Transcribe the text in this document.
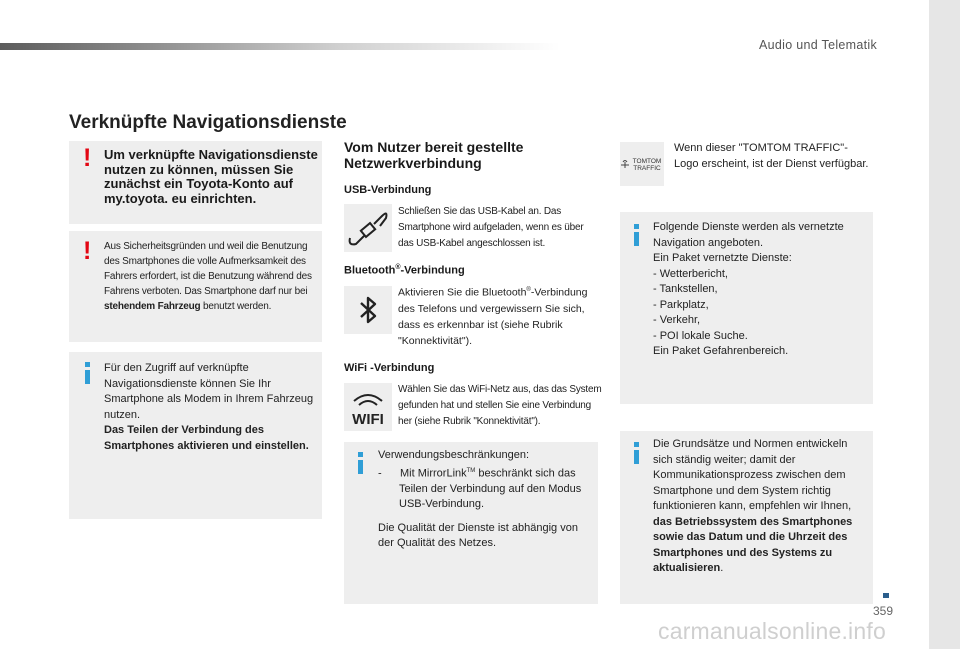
Audio und Telematik
359
carmanualsonline.info
Verknüpfte Navigationsdienste
! Um verknüpfte Navigationsdienste nutzen zu können, müssen Sie zunächst ein Toyota-Konto auf my.toyota. eu einrichten.
! Aus Sicherheitsgründen und weil die Benutzung des Smartphones die volle Aufmerksamkeit des Fahrers erfordert, ist die Benutzung während des Fahrens verboten. Das Smartphone darf nur bei stehendem Fahrzeug benutzt werden.
Für den Zugriff auf verknüpfte Navigationsdienste können Sie Ihr Smartphone als Modem in Ihrem Fahrzeug nutzen.
Das Teilen der Verbindung des Smartphones aktivieren und einstellen.
Vom Nutzer bereit gestellte Netzwerkverbindung
USB-Verbindung
Schließen Sie das USB-Kabel an. Das Smartphone wird aufgeladen, wenn es über das USB-Kabel angeschlossen ist.
Bluetooth®-Verbindung
Aktivieren Sie die Bluetooth®-Verbindung des Telefons und vergewissern Sie sich, dass es erkennbar ist (siehe Rubrik "Konnektivität").
WiFi -Verbindung
WIFI
Wählen Sie das WiFi-Netz aus, das das System gefunden hat und stellen Sie eine Verbindung her (siehe Rubrik "Konnektivität").
Verwendungsbeschränkungen:
- Mit MirrorLink™ beschränkt sich das Teilen der Verbindung auf den Modus USB-Verbindung.
Die Qualität der Dienste ist abhängig von der Qualität des Netzes.
TOMTOM
TRAFFIC
Wenn dieser "TOMTOM TRAFFIC"-Logo erscheint, ist der Dienst verfügbar.
Folgende Dienste werden als vernetzte Navigation angeboten.
Ein Paket vernetzte Dienste:
- Wetterbericht,
- Tankstellen,
- Parkplatz,
- Verkehr,
- POI lokale Suche.
Ein Paket Gefahrenbereich.
Die Grundsätze und Normen entwickeln sich ständig weiter; damit der Kommunikationsprozess zwischen dem Smartphone und dem System richtig funktionieren kann, empfehlen wir Ihnen, das Betriebssystem des Smartphones sowie das Datum und die Uhrzeit des Smartphones und des Systems zu aktualisieren.
